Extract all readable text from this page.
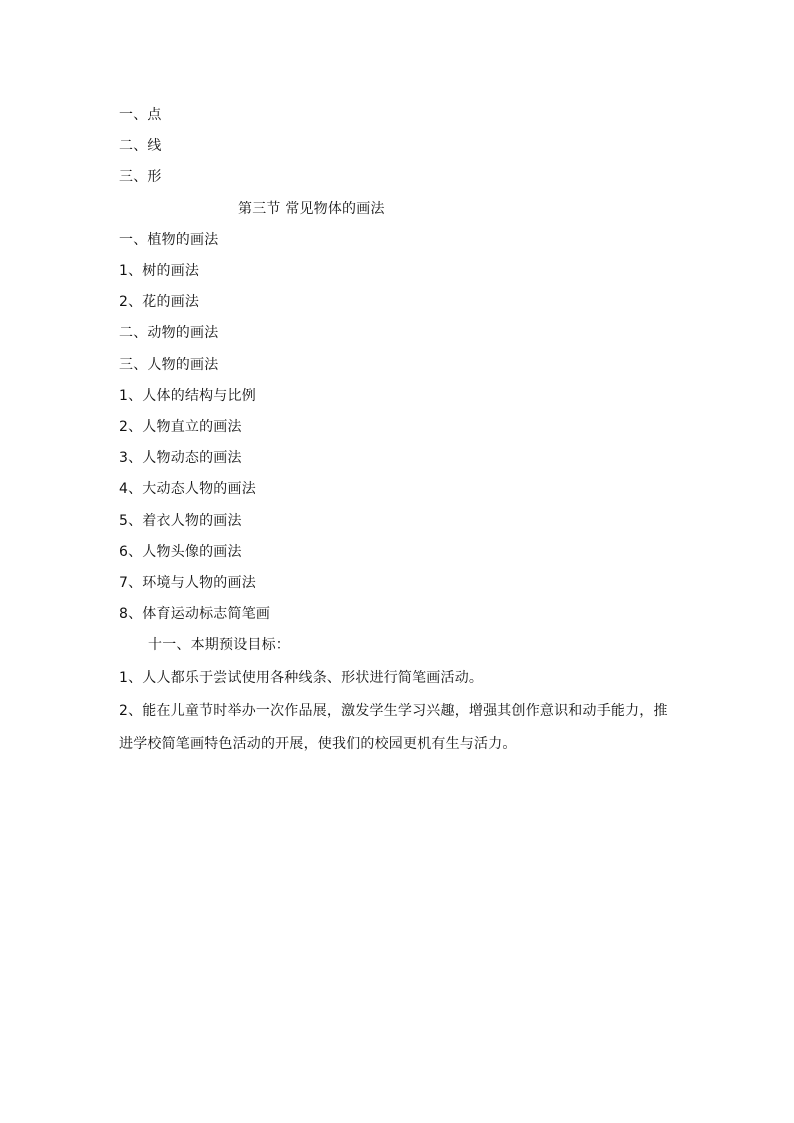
一、点
二、线
三、形
第三节 常见物体的画法
一、植物的画法
1、树的画法
2、花的画法
二、动物的画法
三、人物的画法
1、人体的结构与比例
2、人物直立的画法
3、人物动态的画法
4、大动态人物的画法
5、着衣人物的画法
6、人物头像的画法
7、环境与人物的画法
8、体育运动标志简笔画
十一、本期预设目标：
1、人人都乐于尝试使用各种线条、形状进行简笔画活动。
2、能在儿童节时举办一次作品展，激发学生学习兴趣，增强其创作意识和动手能力，推进学校简笔画特色活动的开展，使我们的校园更机有生与活力。
